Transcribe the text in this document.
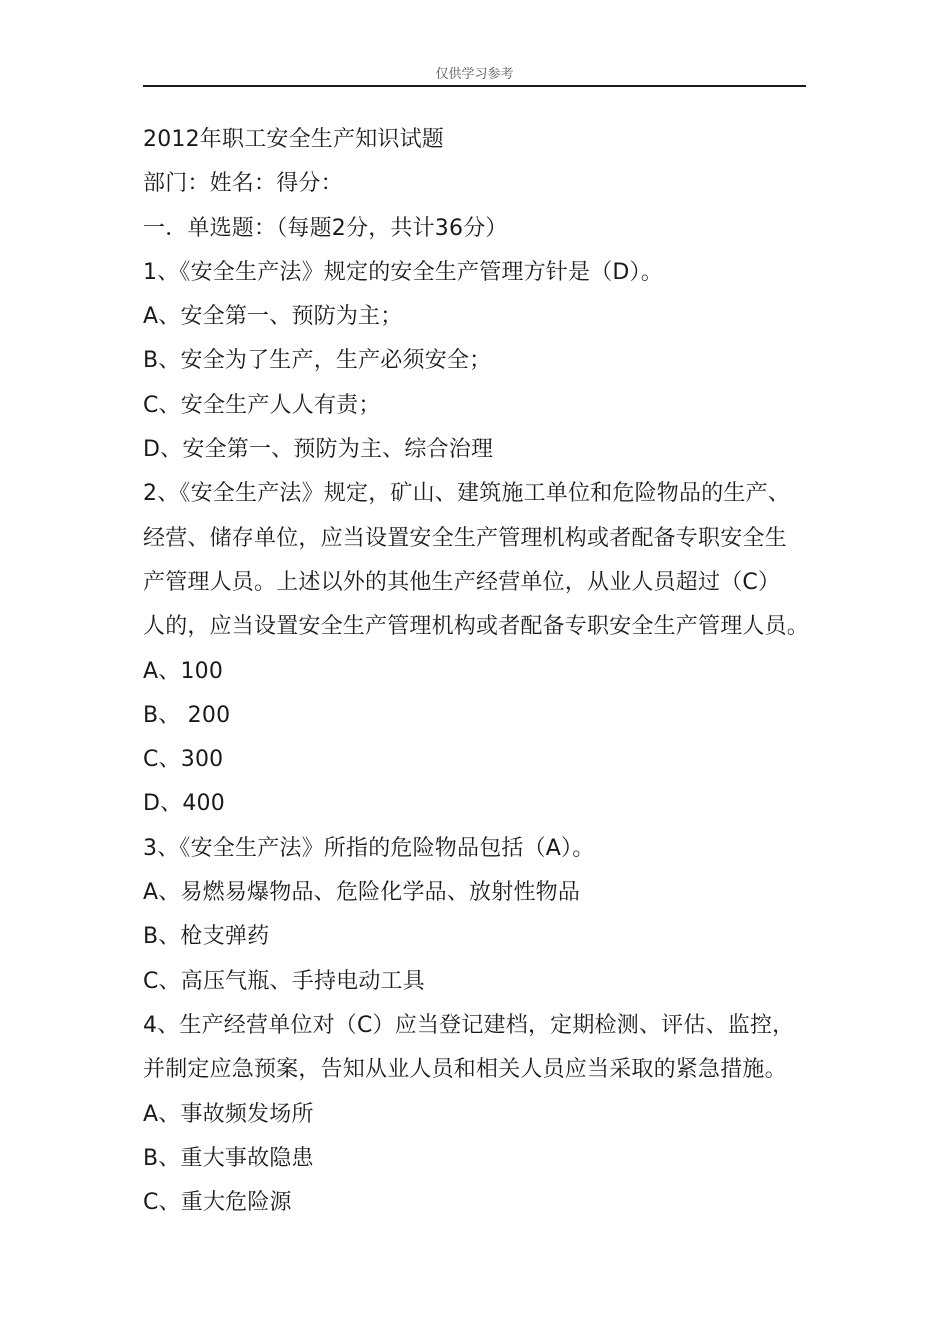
仅供学习参考
2012年职工安全生产知识试题
部门：姓名：得分：
一．单选题：（每题2分，共计36分）
1、《安全生产法》规定的安全生产管理方针是（D）。
A、安全第一、预防为主；
B、安全为了生产，生产必须安全；
C、安全生产人人有责；
D、安全第一、预防为主、综合治理
2、《安全生产法》规定，矿山、建筑施工单位和危险物品的生产、
经营、储存单位，应当设置安全生产管理机构或者配备专职安全生
产管理人员。上述以外的其他生产经营单位，从业人员超过（C）
人的，应当设置安全生产管理机构或者配备专职安全生产管理人员。
A、100
B、 200
C、300
D、400
3、《安全生产法》所指的危险物品包括（A）。
A、易燃易爆物品、危险化学品、放射性物品
B、枪支弹药
C、高压气瓶、手持电动工具
4、生产经营单位对（C）应当登记建档，定期检测、评估、监控，
并制定应急预案，告知从业人员和相关人员应当采取的紧急措施。
A、事故频发场所
B、重大事故隐患
C、重大危险源
